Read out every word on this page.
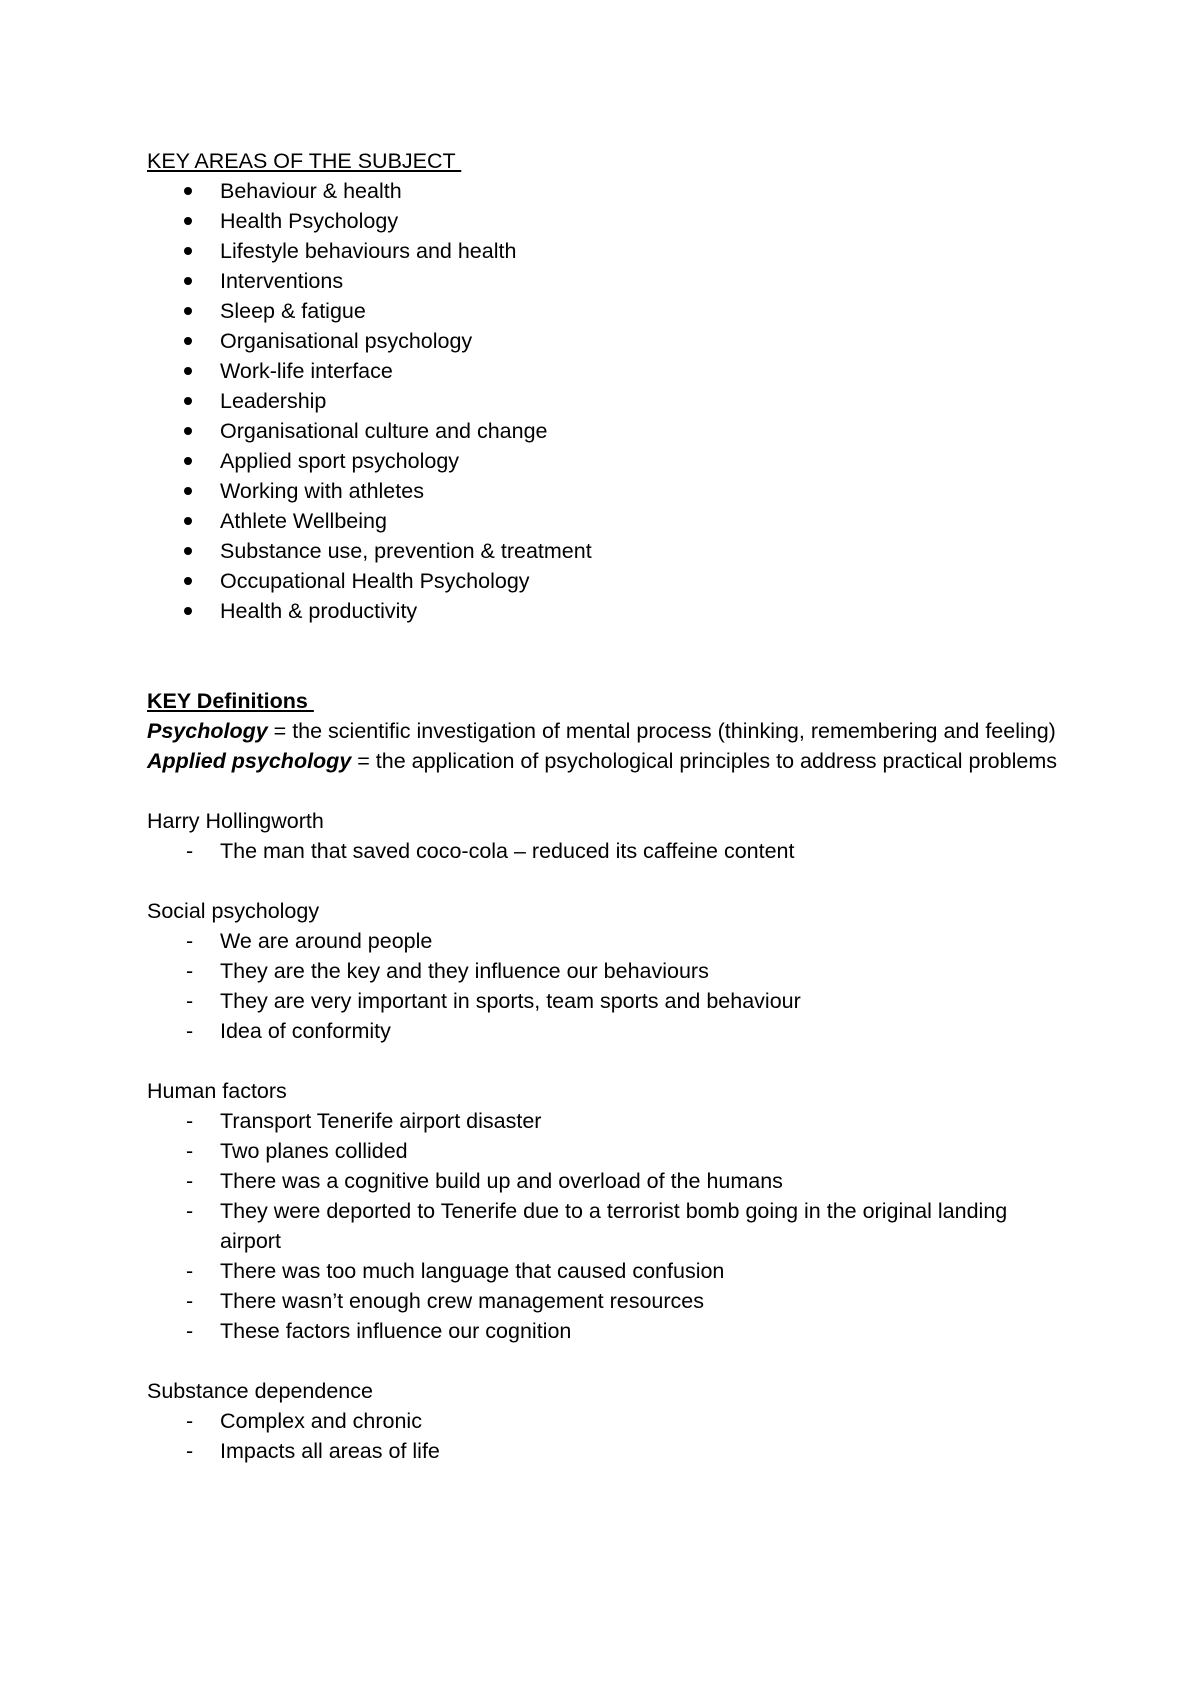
KEY AREAS OF THE SUBJECT

Behaviour & health
Health Psychology
Lifestyle behaviours and health
Interventions
Sleep & fatigue
Organisational psychology
Work-life interface
Leadership
Organisational culture and change
Applied sport psychology
Working with athletes
Athlete Wellbeing
Substance use, prevention & treatment
Occupational Health Psychology
Health & productivity

KEY Definitions

Psychology = the scientific investigation of mental process (thinking, remembering and feeling)

Applied psychology = the application of psychological principles to address practical problems

Harry Hollingworth

- The man that saved coco-cola – reduced its caffeine content

Social psychology

- We are around people
- They are the key and they influence our behaviours
- They are very important in sports, team sports and behaviour
- Idea of conformity

Human factors

- Transport Tenerife airport disaster
- Two planes collided
- There was a cognitive build up and overload of the humans
- They were deported to Tenerife due to a terrorist bomb going in the original landing airport
- There was too much language that caused confusion
- There wasn’t enough crew management resources
- These factors influence our cognition

Substance dependence

- Complex and chronic
- Impacts all areas of life
